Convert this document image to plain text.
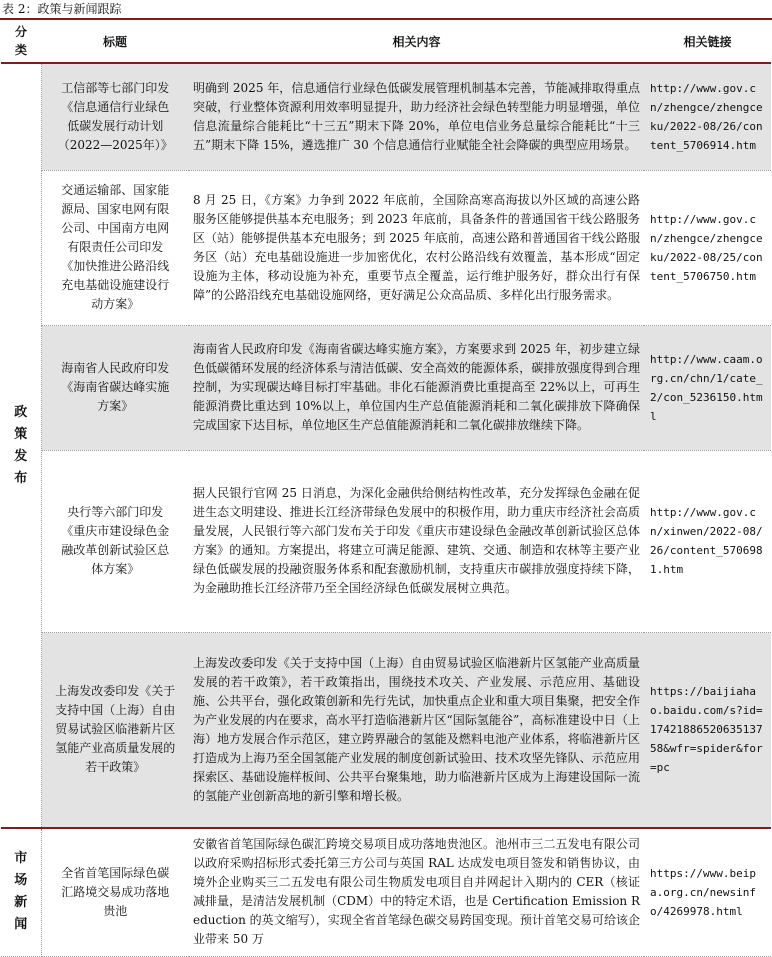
表 2：政策与新闻跟踪
分类	标题	相关内容	相关链接

政策发布	工信部等七部门印发《信息通信行业绿色低碳发展行动计划（2022—2025年）》	明确到 2025 年，信息通信行业绿色低碳发展管理机制基本完善，节能减排取得重点突破，行业整体资源利用效率明显提升，助力经济社会绿色转型能力明显增强，单位信息流量综合能耗比“十三五”期末下降 20%，单位电信业务总量综合能耗比“十三五”期末下降 15%，遴选推广 30 个信息通信行业赋能全社会降碳的典型应用场景。	http://www.gov.cn/zhengce/zhengceku/2022-08/26/content_5706914.htm
	交通运输部、国家能源局、国家电网有限公司、中国南方电网有限责任公司印发《加快推进公路沿线充电基础设施建设行动方案》	8 月 25 日，《方案》力争到 2022 年底前，全国除高寒高海拔以外区域的高速公路服务区能够提供基本充电服务；到 2023 年底前，具备条件的普通国省干线公路服务区（站）能够提供基本充电服务；到 2025 年底前，高速公路和普通国省干线公路服务区（站）充电基础设施进一步加密优化，农村公路沿线有效覆盖，基本形成“固定设施为主体，移动设施为补充，重要节点全覆盖，运行维护服务好，群众出行有保障”的公路沿线充电基础设施网络，更好满足公众高品质、多样化出行服务需求。	http://www.gov.cn/zhengce/zhengceku/2022-08/25/content_5706750.htm
	海南省人民政府印发《海南省碳达峰实施方案》	海南省人民政府印发《海南省碳达峰实施方案》，方案要求到 2025 年，初步建立绿色低碳循环发展的经济体系与清洁低碳、安全高效的能源体系，碳排放强度得到合理控制，为实现碳达峰目标打牢基础。非化石能源消费比重提高至 22%以上，可再生能源消费比重达到 10%以上，单位国内生产总值能源消耗和二氧化碳排放下降确保完成国家下达目标，单位地区生产总值能源消耗和二氧化碳排放继续下降。	http://www.caam.org.cn/chn/1/cate_2/con_5236150.html
	央行等六部门印发《重庆市建设绿色金融改革创新试验区总体方案》	据人民银行官网 25 日消息，为深化金融供给侧结构性改革，充分发挥绿色金融在促进生态文明建设、推进长江经济带绿色发展中的积极作用，助力重庆市经济社会高质量发展，人民银行等六部门发布关于印发《重庆市建设绿色金融改革创新试验区总体方案》的通知。方案提出，将建立可满足能源、建筑、交通、制造和农林等主要产业绿色低碳发展的投融资服务体系和配套激励机制，支持重庆市碳排放强度持续下降，为金融助推长江经济带乃至全国经济绿色低碳发展树立典范。	http://www.gov.cn/xinwen/2022-08/26/content_5706981.htm
	上海发改委印发《关于支持中国（上海）自由贸易试验区临港新片区氢能产业高质量发展的若干政策》	上海发改委印发《关于支持中国（上海）自由贸易试验区临港新片区氢能产业高质量发展的若干政策》，若干政策指出，围绕技术攻关、产业发展、示范应用、基础设施、公共平台，强化政策创新和先行先试，加快重点企业和重大项目集聚，把安全作为产业发展的内在要求，高水平打造临港新片区“国际氢能谷”，高标准建设中日（上海）地方发展合作示范区，建立跨界融合的氢能及燃料电池产业体系，将临港新片区打造成为上海乃至全国氢能产业发展的制度创新试验田、技术攻坚先锋队、示范应用探索区、基础设施样板间、公共平台聚集地，助力临港新片区成为上海建设国际一流的氢能产业创新高地的新引擎和增长极。	https://baijiahao.baidu.com/s?id=1742188652063513758&wfr=spider&for=pc

市场新闻	全省首笔国际绿色碳汇路境交易成功落地贵池	安徽省首笔国际绿色碳汇跨境交易项目成功落地贵池区。池州市三二五发电有限公司以政府采购招标形式委托第三方公司与英国 RAL 达成发电项目签发和销售协议，由境外企业购买三二五发电有限公司生物质发电项目自并网起计入期内的 CER（核证减排量，是清洁发展机制（CDM）中的特定术语，也是 Certification Emission Reduction 的英文缩写），实现全省首笔绿色碳交易跨国变现。预计首笔交易可给该企业带来 50 万	https://www.beipa.org.cn/newsinfo/4269978.html
